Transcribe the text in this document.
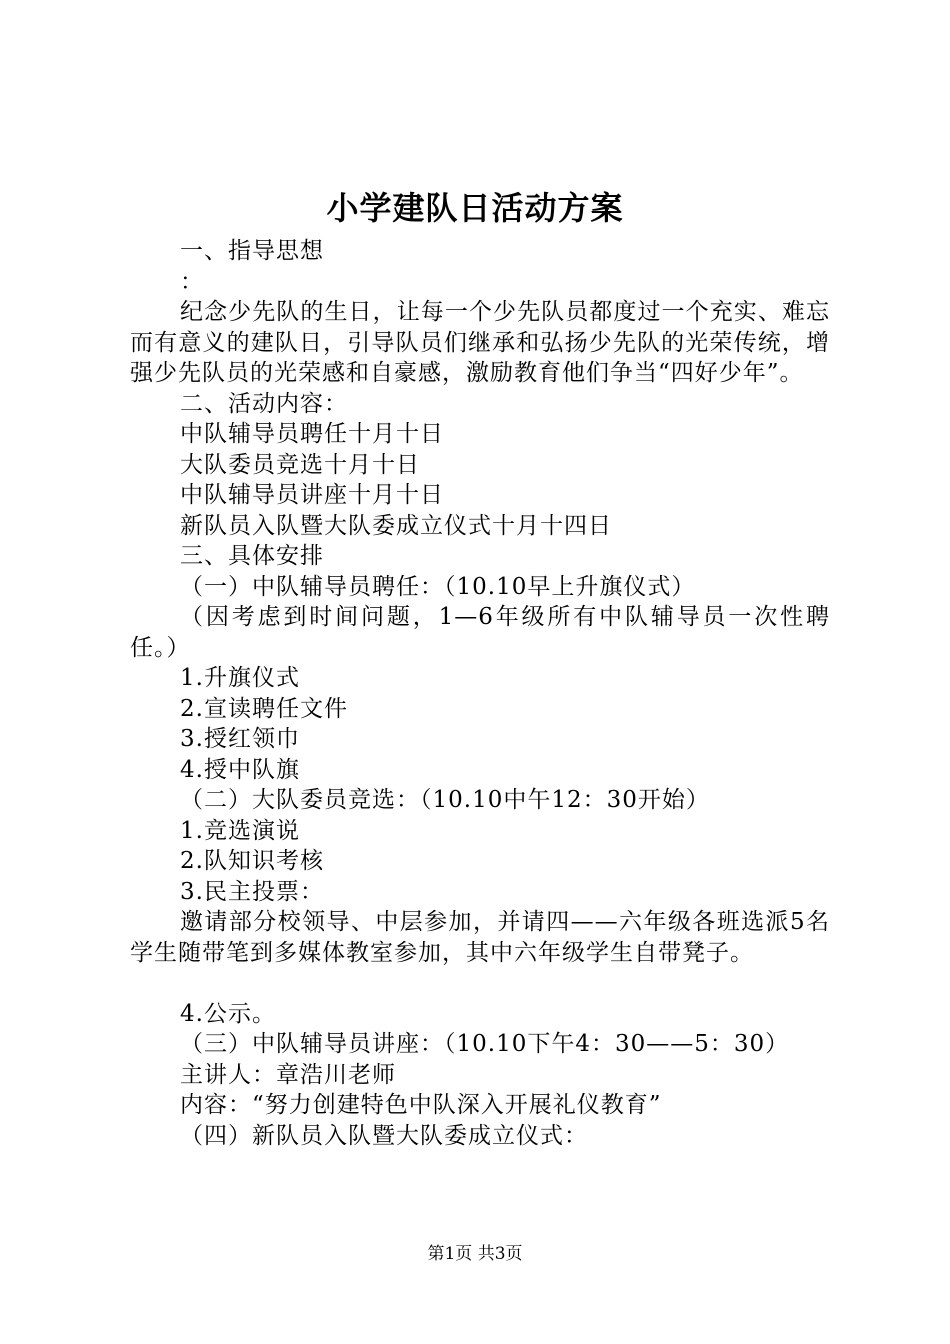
小学建队日活动方案

一、指导思想

：

纪念少先队的生日，让每一个少先队员都度过一个充实、难忘而有意义的建队日，引导队员们继承和弘扬少先队的光荣传统，增强少先队员的光荣感和自豪感，激励教育他们争当“四好少年”。

二、活动内容：

中队辅导员聘任十月十日

大队委员竞选十月十日

中队辅导员讲座十月十日

新队员入队暨大队委成立仪式十月十四日

三、具体安排

（一）中队辅导员聘任：（10.10早上升旗仪式）

（因考虑到时间问题，1—6年级所有中队辅导员一次性聘任。）

1.升旗仪式

2.宣读聘任文件

3.授红领巾

4.授中队旗

（二）大队委员竞选：（10.10中午12：30开始）

1.竞选演说

2.队知识考核

3.民主投票：

邀请部分校领导、中层参加，并请四——六年级各班选派5名学生随带笔到多媒体教室参加，其中六年级学生自带凳子。

4.公示。

（三）中队辅导员讲座：（10.10下午4：30——5：30）

主讲人：章浩川老师

内容：“努力创建特色中队深入开展礼仪教育”

（四）新队员入队暨大队委成立仪式：

第1页 共3页
